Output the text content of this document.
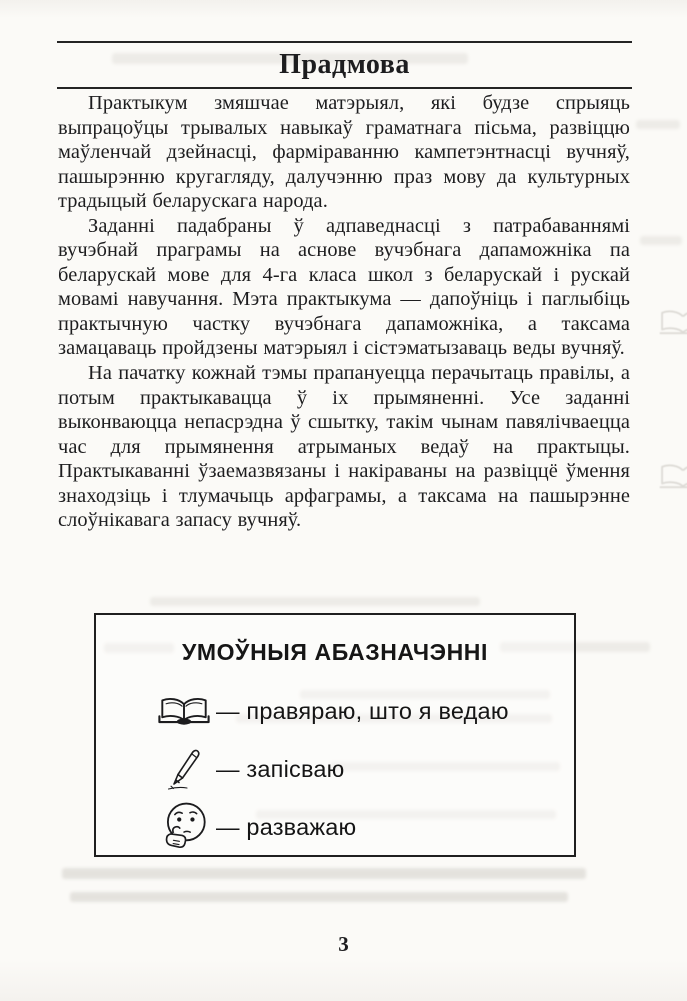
Прадмова

Практыкум змяшчае матэрыял, які будзе спрыяць выпрацоўцы трывалых навыкаў граматнага пісьма, развіццю маўленчай дзейнасці, фарміраванню кампетэнтнасці вучняў, пашырэнню кругагляду, далучэнню праз мову да культурных традыцый беларускага народа.

Заданні падабраны ў адпаведнасці з патрабаваннямі вучэбнай праграмы на аснове вучэбнага дапаможніка па беларускай мове для 4-га класа школ з беларускай і рускай мовамі навучання. Мэта практыкума — дапоўніць і паглыбіць практычную частку вучэбнага дапаможніка, а таксама замацаваць пройдзены матэрыял і сістэматызаваць веды вучняў.

На пачатку кожнай тэмы прапануецца перачытаць правілы, а потым практыкавацца ў іх прымяненні. Усе заданні выконваюцца непасрэдна ў сшытку, такім чынам павялічваецца час для прымянення атрыманых ведаў на практыцы. Практыкаванні ўзаемазвязаны і накіраваны на развіццё ўмення знаходзіць і тлумачыць арфаграмы, а таксама на пашырэнне слоўнікавага запасу вучняў.

УМОЎНЫЯ АБАЗНАЧЭННІ
— правяраю, што я ведаю
— запісваю
— разважаю
3
